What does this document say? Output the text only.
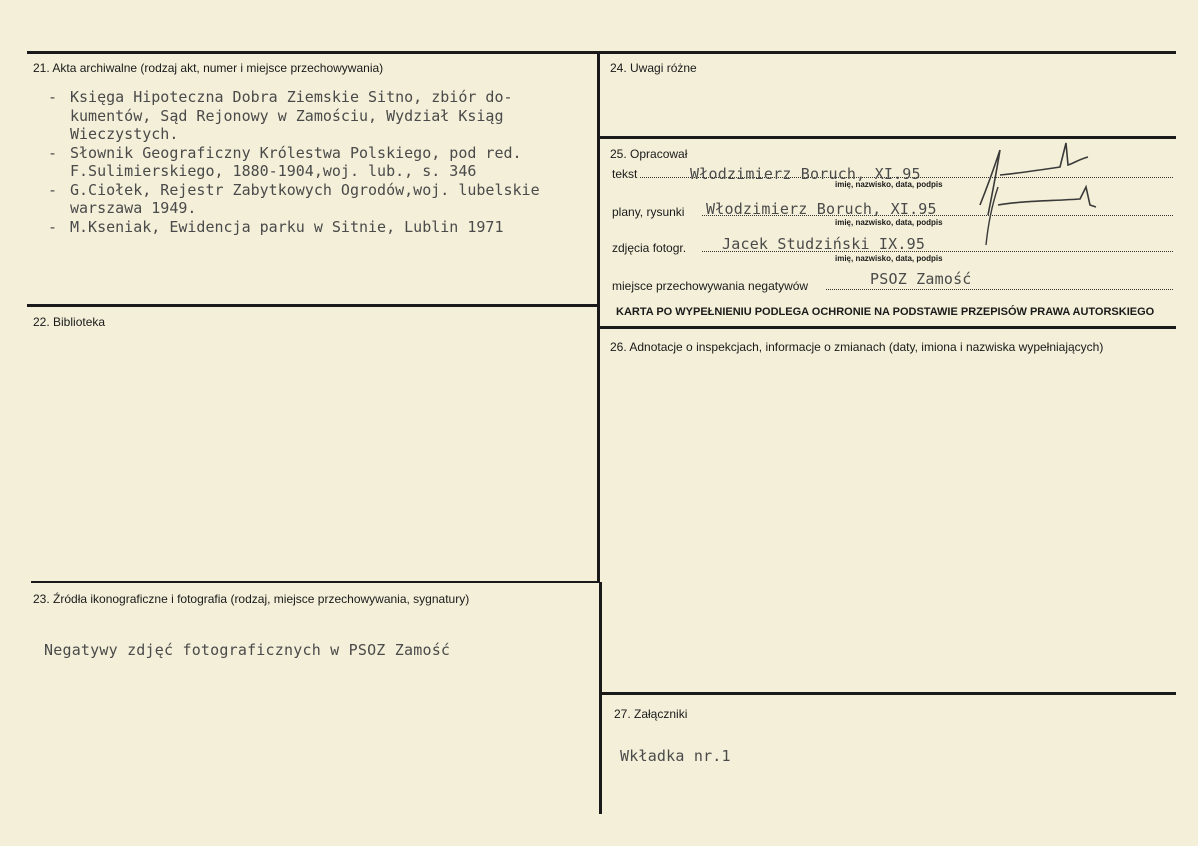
21. Akta archiwalne (rodzaj akt, numer i miejsce przechowywania)
- Księga Hipoteczna Dobra Ziemskie Sitno, zbiór do-
kumentów, Sąd Rejonowy w Zamościu, Wydział Ksiąg
Wieczystych.
- Słownik Geograficzny Królestwa Polskiego, pod red.
F.Sulimierskiego, 1880-1904,woj. lub., s. 346
- G.Ciołek, Rejestr Zabytkowych Ogrodów,woj. lubelskie
warszawa 1949.
- M.Kseniak, Ewidencja parku w Sitnie, Lublin 1971
22. Biblioteka
23. Źródła ikonograficzne i fotografia (rodzaj, miejsce przechowywania, sygnatury)
Negatywy zdjęć fotograficznych w PSOZ Zamość
24. Uwagi różne
25. Opracował
tekst	Włodzimierz Boruch, XI.95
imię, nazwisko, data, podpis
plany, rysunki Włodzimierz Boruch, XI.95
imię, nazwisko, data, podpis
zdjęcia fotogr. Jacek Studziński IX.95
imię, nazwisko, data, podpis
miejsce przechowywania negatywów	PSOZ Zamość
KARTA PO WYPEŁNIENIU PODLEGA OCHRONIE NA PODSTAWIE PRZEPISÓW PRAWA AUTORSKIEGO
26. Adnotacje o inspekcjach, informacje o zmianach (daty, imiona i nazwiska wypełniających)
27. Załączniki
Wkładka nr.1
